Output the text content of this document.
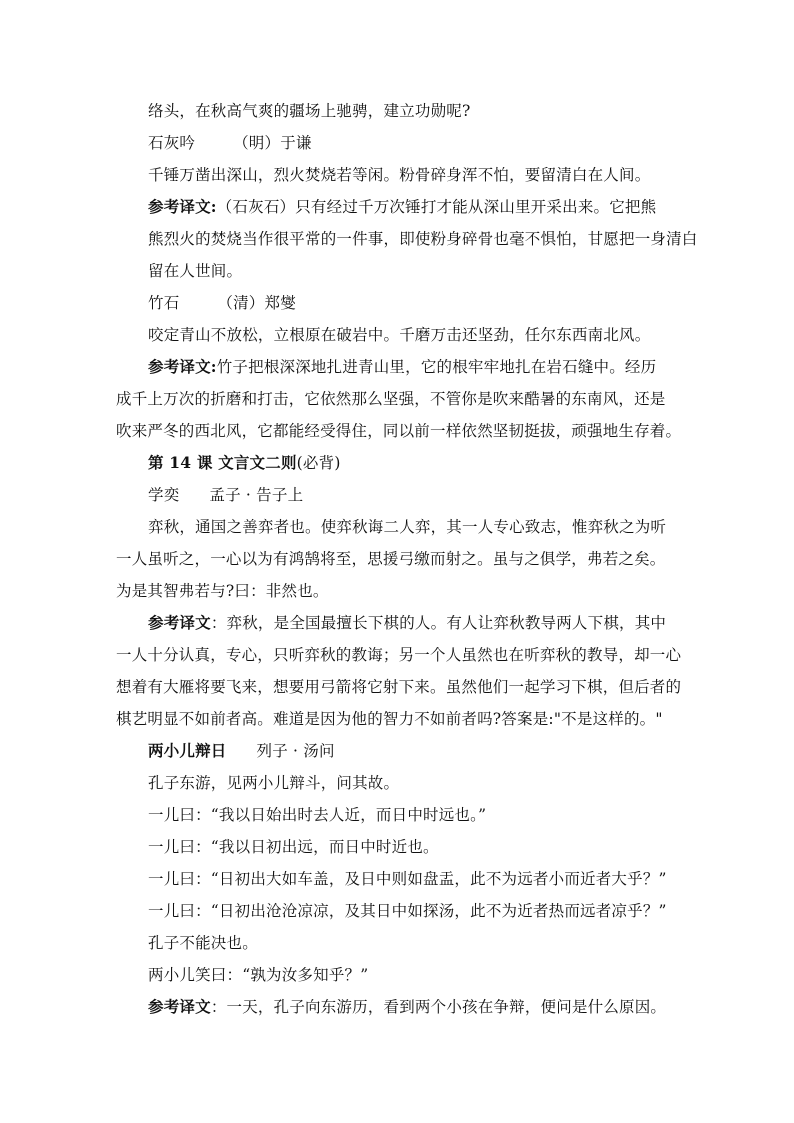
络头，在秋高气爽的疆场上驰骋，建立功勋呢?
石灰吟 （明）于谦
千锤万凿出深山，烈火焚烧若等闲。粉骨碎身浑不怕，要留清白在人间。
参考译文:（石灰石）只有经过千万次锤打才能从深山里开采出来。它把熊
熊烈火的焚烧当作很平常的一件事，即使粉身碎骨也毫不惧怕，甘愿把一身清白
留在人世间。
竹石 （清）郑燮
咬定青山不放松，立根原在破岩中。千磨万击还坚劲，任尔东西南北风。
参考译文:竹子把根深深地扎进青山里，它的根牢牢地扎在岩石缝中。经历
成千上万次的折磨和打击，它依然那么坚强，不管你是吹来酷暑的东南风，还是
吹来严冬的西北风，它都能经受得住，同以前一样依然坚韧挺拔，顽强地生存着。
第 14 课 文言文二则(必背)
学奕 孟子 · 告子上
弈秋，通国之善弈者也。使弈秋诲二人弈，其一人专心致志，惟弈秋之为听
一人虽听之，一心以为有鸿鹄将至，思援弓缴而射之。虽与之俱学，弗若之矣。
为是其智弗若与?曰：非然也。
参考译文：弈秋，是全国最擅长下棋的人。有人让弈秋教导两人下棋，其中
一人十分认真，专心，只听弈秋的教诲；另一个人虽然也在听弈秋的教导，却一心
想着有大雁将要飞来，想要用弓箭将它射下来。虽然他们一起学习下棋，但后者的
棋艺明显不如前者高。难道是因为他的智力不如前者吗?答案是:"不是这样的。"
两小儿辩日 列子 · 汤问
孔子东游，见两小儿辩斗，问其故。
一儿曰：“我以日始出时去人近，而日中时远也。”
一儿曰：“我以日初出远，而日中时近也。
一儿曰：“日初出大如车盖，及日中则如盘盂，此不为远者小而近者大乎？”
一儿曰：“日初出沧沧凉凉，及其日中如探汤，此不为近者热而远者凉乎？”
孔子不能决也。
两小儿笑曰：“孰为汝多知乎？”
参考译文：一天，孔子向东游历，看到两个小孩在争辩，便问是什么原因。
